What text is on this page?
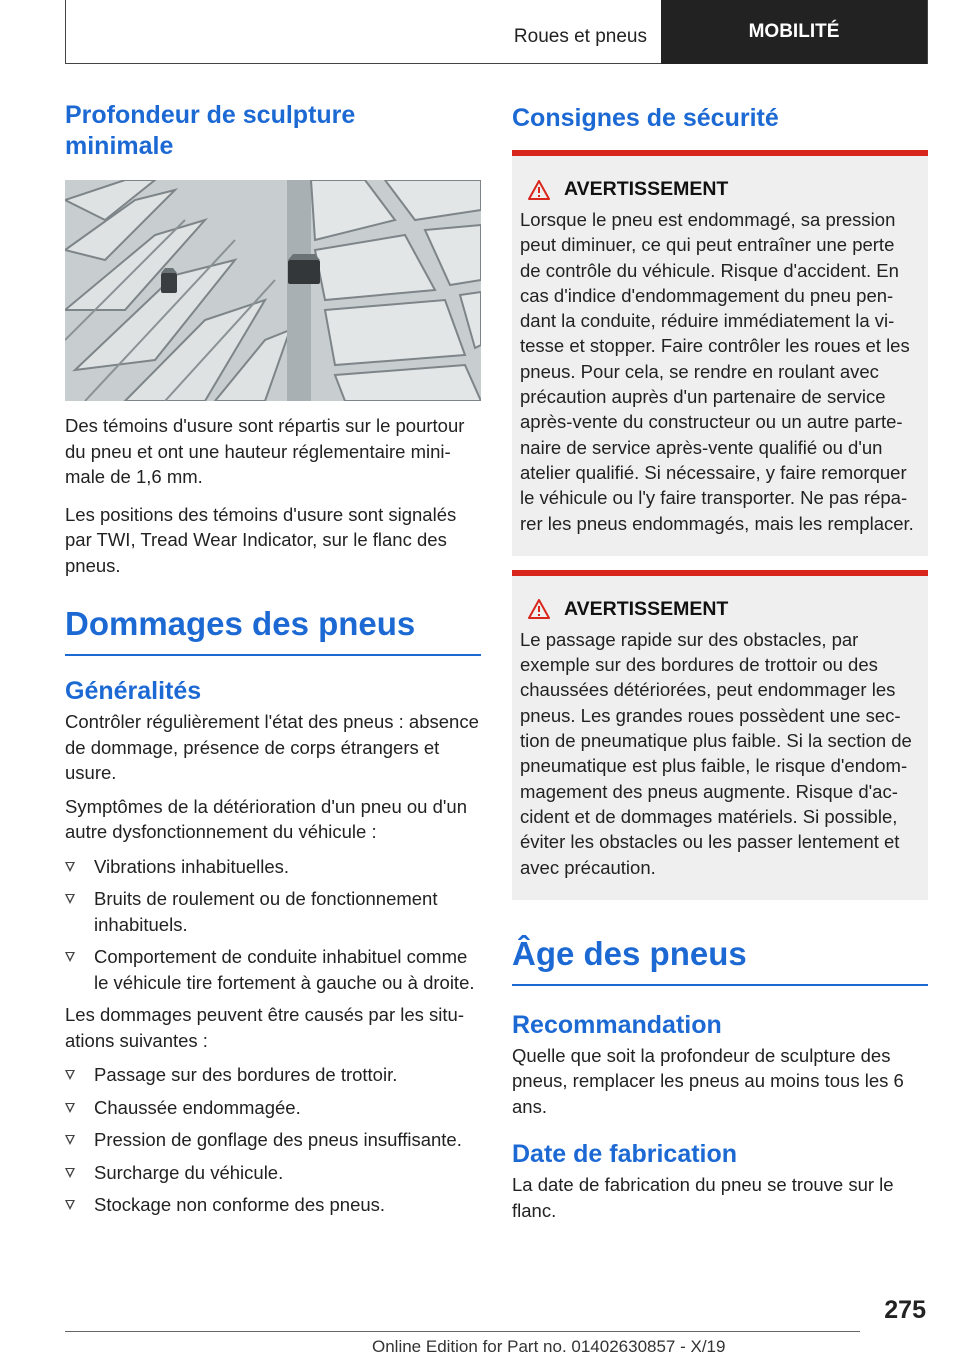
Roues et pneus	MOBILITÉ
Profondeur de sculpture
minimale

Des témoins d'usure sont répartis sur le pourtour du pneu et ont une hauteur réglementaire minimale de 1,6 mm.

Les positions des témoins d'usure sont signalés par TWI, Tread Wear Indicator, sur le flanc des pneus.

Dommages des pneus
Généralités

Contrôler régulièrement l'état des pneus : absence de dommage, présence de corps étrangers et usure.

Symptômes de la détérioration d'un pneu ou d'un autre dysfonctionnement du véhicule :

Vibrations inhabituelles.
Bruits de roulement ou de fonctionnement inhabituels.
Comportement de conduite inhabituel comme le véhicule tire fortement à gauche ou à droite.

Les dommages peuvent être causés par les situations suivantes :

Passage sur des bordures de trottoir.
Chaussée endommagée.
Pression de gonflage des pneus insuffisante.
Surcharge du véhicule.
Stockage non conforme des pneus.
Consignes de sécurité
AVERTISSEMENT

Lorsque le pneu est endommagé, sa pression peut diminuer, ce qui peut entraîner une perte de contrôle du véhicule. Risque d'accident. En cas d'indice d'endommagement du pneu pendant la conduite, réduire immédiatement la vitesse et stopper. Faire contrôler les roues et les pneus. Pour cela, se rendre en roulant avec précaution auprès d'un partenaire de service après-vente du constructeur ou un autre partenaire de service après-vente qualifié ou d'un atelier qualifié. Si nécessaire, y faire remorquer le véhicule ou l'y faire transporter. Ne pas réparer les pneus endommagés, mais les remplacer.

AVERTISSEMENT

Le passage rapide sur des obstacles, par exemple sur des bordures de trottoir ou des chaussées détériorées, peut endommager les pneus. Les grandes roues possèdent une section de pneumatique plus faible. Si la section de pneumatique est plus faible, le risque d'endommagement des pneus augmente. Risque d'accident et de dommages matériels. Si possible, éviter les obstacles ou les passer lentement et avec précaution.

Âge des pneus
Recommandation

Quelle que soit la profondeur de sculpture des pneus, remplacer les pneus au moins tous les 6 ans.

Date de fabrication

La date de fabrication du pneu se trouve sur le flanc.

275
Online Edition for Part no. 01402630857 - X/19
